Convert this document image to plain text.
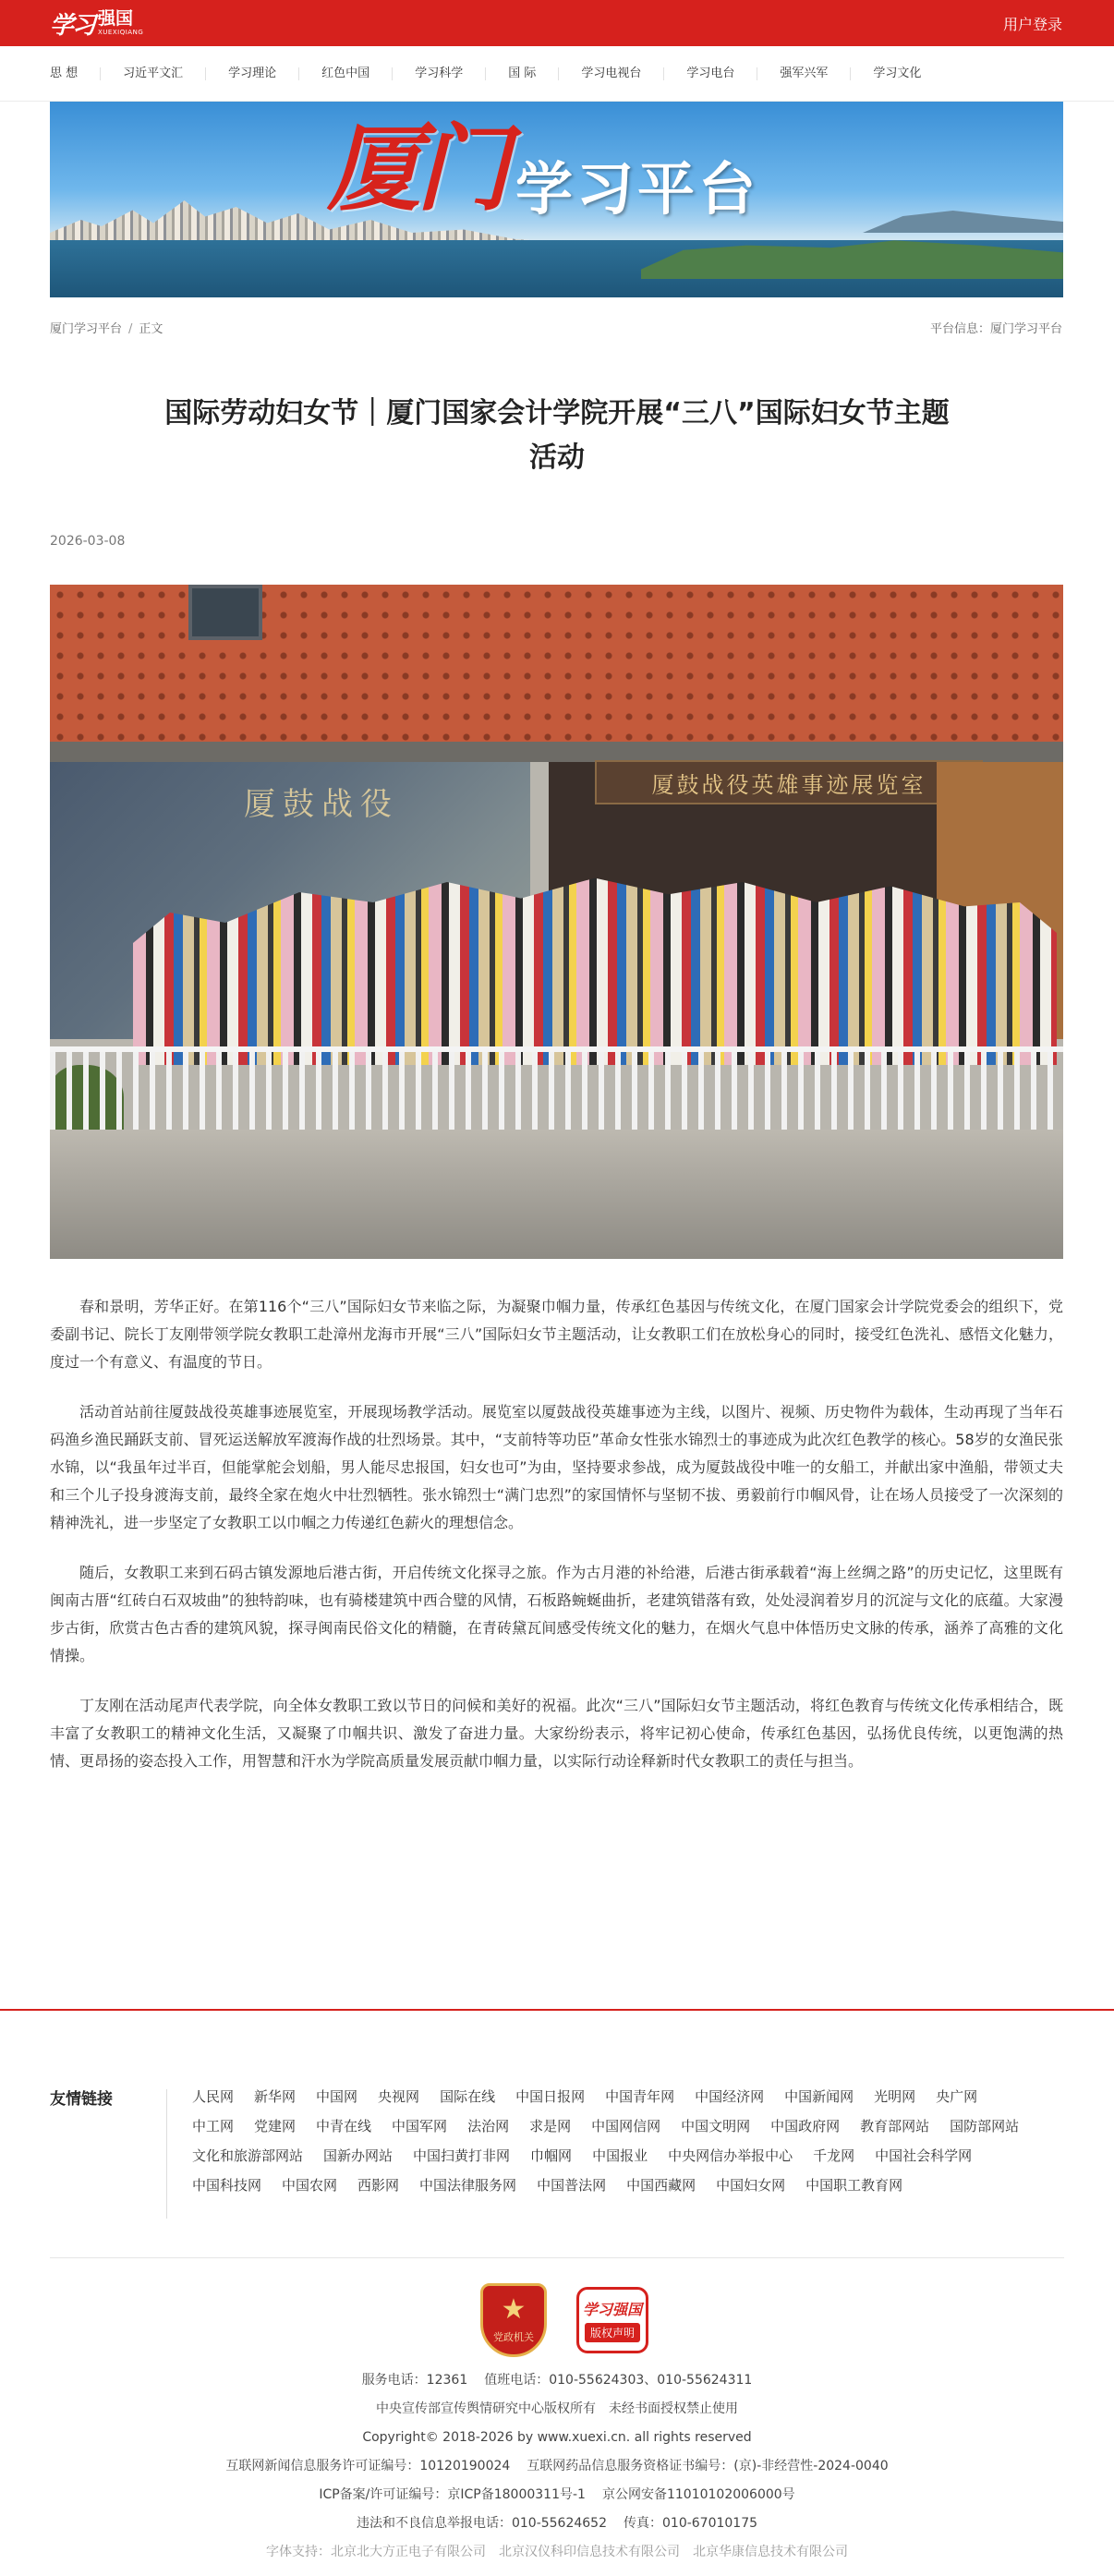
学习 强国
XUEXIQIANG	用户登录
思 想	习近平文汇	学习理论	红色中国	学习科学	国 际	学习电视台	学习电台	强军兴军	学习文化
厦门 学习平台
厦门学习平台 / 正文	平台信息：厦门学习平台
国际劳动妇女节｜厦门国家会计学院开展“三八”国际妇女节主题
活动
2026-03-08
厦鼓战役
厦鼓战役英雄事迹展览室

春和景明，芳华正好。在第116个“三八”国际妇女节来临之际，为凝聚巾帼力量，传承红色基因与传统文化，在厦门国家会计学院党委会的组织下，党委副书记、院长丁友刚带领学院女教职工赴漳州龙海市开展“三八”国际妇女节主题活动，让女教职工们在放松身心的同时，接受红色洗礼、感悟文化魅力，度过一个有意义、有温度的节日。

活动首站前往厦鼓战役英雄事迹展览室，开展现场教学活动。展览室以厦鼓战役英雄事迹为主线，以图片、视频、历史物件为载体，生动再现了当年石码渔乡渔民踊跃支前、冒死运送解放军渡海作战的壮烈场景。其中，“支前特等功臣”革命女性张水锦烈士的事迹成为此次红色教学的核心。58岁的女渔民张水锦，以“我虽年过半百，但能掌舵会划船，男人能尽忠报国，妇女也可”为由，坚持要求参战，成为厦鼓战役中唯一的女船工，并献出家中渔船，带领丈夫和三个儿子投身渡海支前，最终全家在炮火中壮烈牺牲。张水锦烈士“满门忠烈”的家国情怀与坚韧不拔、勇毅前行巾帼风骨，让在场人员接受了一次深刻的精神洗礼，进一步坚定了女教职工以巾帼之力传递红色薪火的理想信念。

随后，女教职工来到石码古镇发源地后港古街，开启传统文化探寻之旅。作为古月港的补给港，后港古街承载着“海上丝绸之路”的历史记忆，这里既有闽南古厝“红砖白石双坡曲”的独特韵味，也有骑楼建筑中西合璧的风情，石板路蜿蜒曲折，老建筑错落有致，处处浸润着岁月的沉淀与文化的底蕴。大家漫步古街，欣赏古色古香的建筑风貌，探寻闽南民俗文化的精髓，在青砖黛瓦间感受传统文化的魅力，在烟火气息中体悟历史文脉的传承，涵养了高雅的文化情操。

丁友刚在活动尾声代表学院，向全体女教职工致以节日的问候和美好的祝福。此次“三八”国际妇女节主题活动，将红色教育与传统文化传承相结合，既丰富了女教职工的精神文化生活，又凝聚了巾帼共识、激发了奋进力量。大家纷纷表示，将牢记初心使命，传承红色基因，弘扬优良传统，以更饱满的热情、更昂扬的姿态投入工作，用智慧和汗水为学院高质量发展贡献巾帼力量，以实际行动诠释新时代女教职工的责任与担当。

友情链接	人民网 新华网 中国网 央视网 国际在线 中国日报网 中国青年网 中国经济网 中国新闻网 光明网 央广网
中工网 党建网 中青在线 中国军网 法治网 求是网 中国网信网 中国文明网 中国政府网 教育部网站 国防部网站
文化和旅游部网站 国新办网站 中国扫黄打非网 巾帼网 中国报业 中央网信办举报中心 千龙网 中国社会科学网
中国科技网 中国农网 西影网 中国法律服务网 中国普法网 中国西藏网 中国妇女网 中国职工教育网
★
党政机关
学习强国
版权声明
服务电话：12361 值班电话：010-55624303、010-55624311
中央宣传部宣传舆情研究中心版权所有　未经书面授权禁止使用
Copyright© 2018-2026 by www.xuexi.cn. all rights reserved
互联网新闻信息服务许可证编号：10120190024 互联网药品信息服务资格证书编号：(京)-非经营性-2024-0040
ICP备案/许可证编号：京ICP备18000311号-1 京公网安备11010102006000号
违法和不良信息举报电话：010-55624652 传真：010-67010175
字体支持：北京北大方正电子有限公司　北京汉仪科印信息技术有限公司　北京华康信息技术有限公司
